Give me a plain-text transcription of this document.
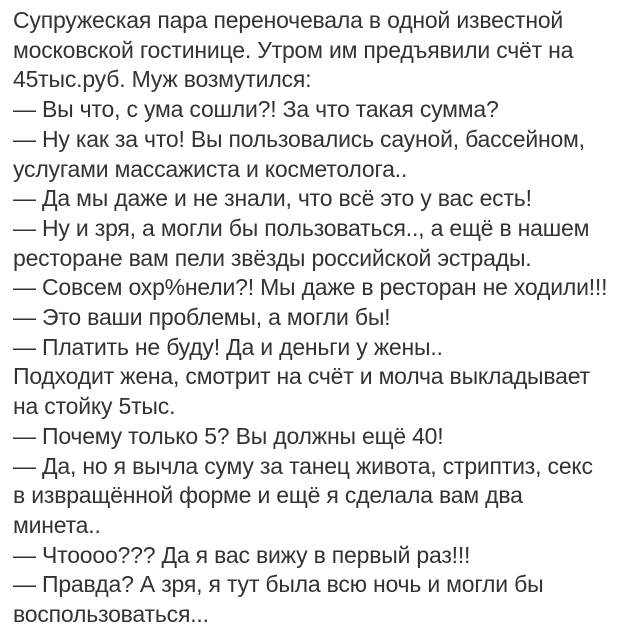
Супружеская пара переночевала в одной известной
московской гостинице. Утром им предъявили счёт на
45тыс.руб. Муж возмутился:
— Вы что, с ума сошли?! За что такая сумма?
— Ну как за что! Вы пользовались сауной, бассейном,
услугами массажиста и косметолога..
— Да мы даже и не знали, что всё это у вас есть!
— Ну и зря, а могли бы пользоваться.., а ещё в нашем
ресторане вам пели звёзды российской эстрады.
— Совсем охр%нели?! Мы даже в ресторан не ходили!!!
— Это ваши проблемы, а могли бы!
— Платить не буду! Да и деньги у жены..
Подходит жена, смотрит на счёт и молча выкладывает
на стойку 5тыс.
— Почему только 5? Вы должны ещё 40!
— Да, но я вычла суму за танец живота, стриптиз, секс
в извращённой форме и ещё я сделала вам два
минета..
— Чтоооо??? Да я вас вижу в первый раз!!!
— Правда? А зря, я тут была всю ночь и могли бы
воспользоваться...
